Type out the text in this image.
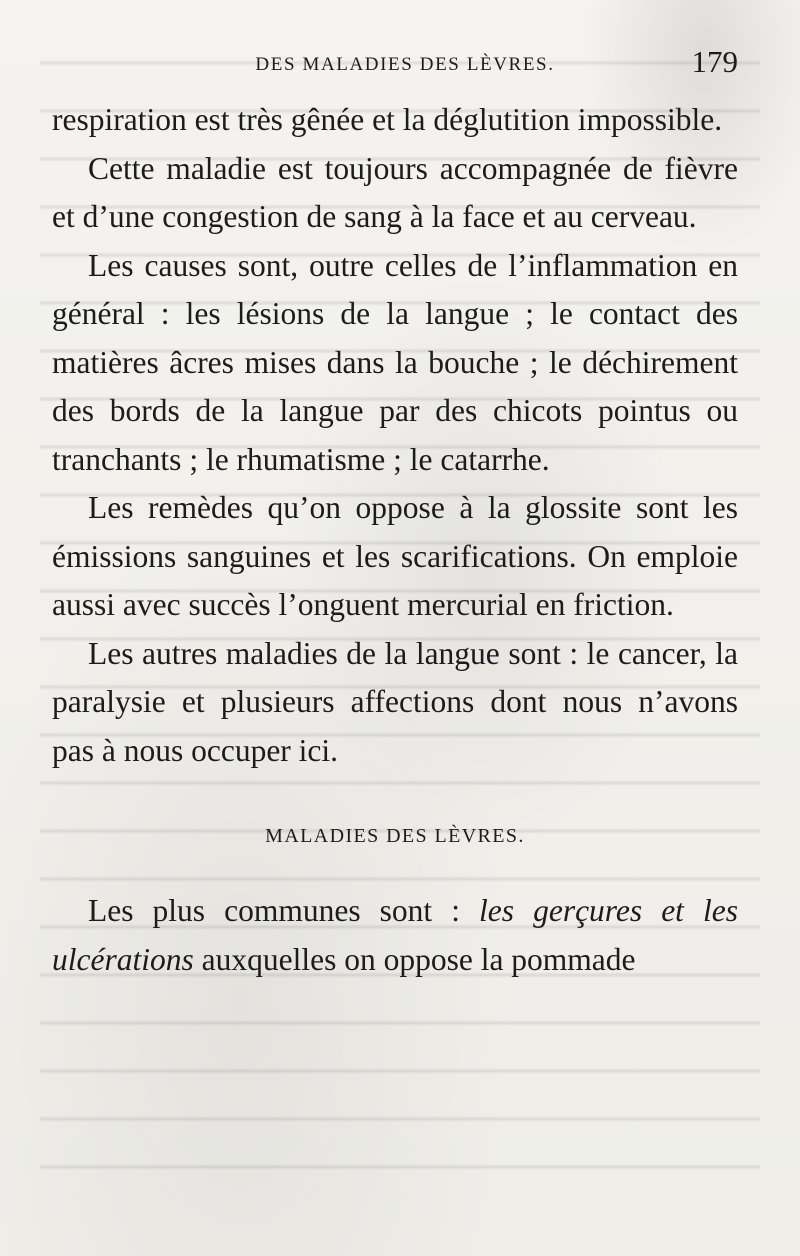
DES MALADIES DES LÈVRES.	179

respiration est très gênée et la déglutition impossible.

Cette maladie est toujours accompagnée de fièvre et d’une congestion de sang à la face et au cerveau.

Les causes sont, outre celles de l’inflammation en général : les lésions de la langue ; le contact des matières âcres mises dans la bouche ; le déchirement des bords de la langue par des chicots pointus ou tranchants ; le rhumatisme ; le catarrhe.

Les remèdes qu’on oppose à la glossite sont les émissions sanguines et les scarifications. On emploie aussi avec succès l’onguent mercurial en friction.

Les autres maladies de la langue sont : le cancer, la paralysie et plusieurs affections dont nous n’avons pas à nous occuper ici.

MALADIES DES LÈVRES.

Les plus communes sont : les gerçures et les ulcérations auxquelles on oppose la pommade
